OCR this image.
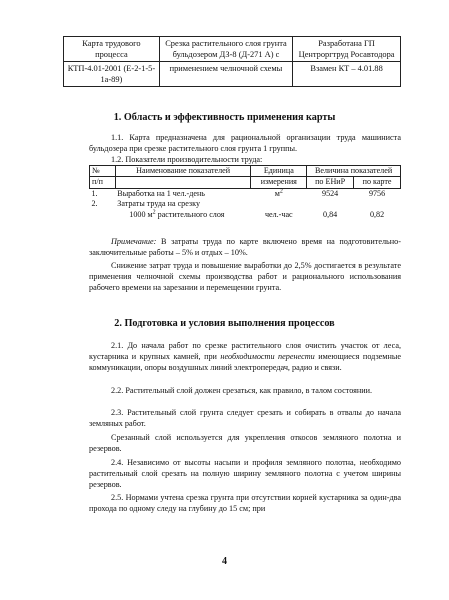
Карта трудового процесса	Срезка растительного слоя грунта бульдозером ДЗ-8 (Д-271 А) с	Разработана ГП Центроргтруд Росавтодора
КТП-4.01-2001 (Е-2-1-5-1а-89)	применением челночной схемы	Взамен КТ – 4.01.88
1. Область и эффективность применения карты
1.1. Карта предназначена для рациональной организации труда машиниста бульдозера при срезке растительного слоя грунта 1 группы.
1.2. Показатели производительности труда:
№	Наименование показателей	Единица	Величина показателей	
п/п		измерения	по ЕНиР	по карте
1.	Выработка на 1 чел.-день	$м^2$	9524	9756
2.	Затраты труда на срезку
1000 $м^2$ растительного слоя	чел.-час	0,84	0,82
Примечание: В затраты труда по карте включено время на подготовительно-заключительные работы – 5% и отдых – 10%.
Снижение затрат труда и повышение выработки до 2,5% достигается в результате применения челночной схемы производства работ и рационального использования рабочего времени на зарезании и перемещении грунта.
2. Подготовка и условия выполнения процессов
2.1. До начала работ по срезке растительного слоя очистить участок от леса, кустарника и крупных камней, при необходимости перенести имеющиеся подземные коммуникации, опоры воздушных линий электропередач, радио и связи.
2.2. Растительный слой должен срезаться, как правило, в талом состоянии.
2.3. Растительный слой грунта следует срезать и собирать в отвалы до начала земляных работ.
Срезанный слой используется для укрепления откосов земляного полотна и резервов.
2.4. Независимо от высоты насыпи и профиля земляного полотна, необходимо растительный слой срезать на полную ширину земляного полотна с учетом ширины резервов.
2.5. Нормами учтена срезка грунта при отсутствии корней кустарника за один-два прохода по одному следу на глубину до 15 см; при
4
